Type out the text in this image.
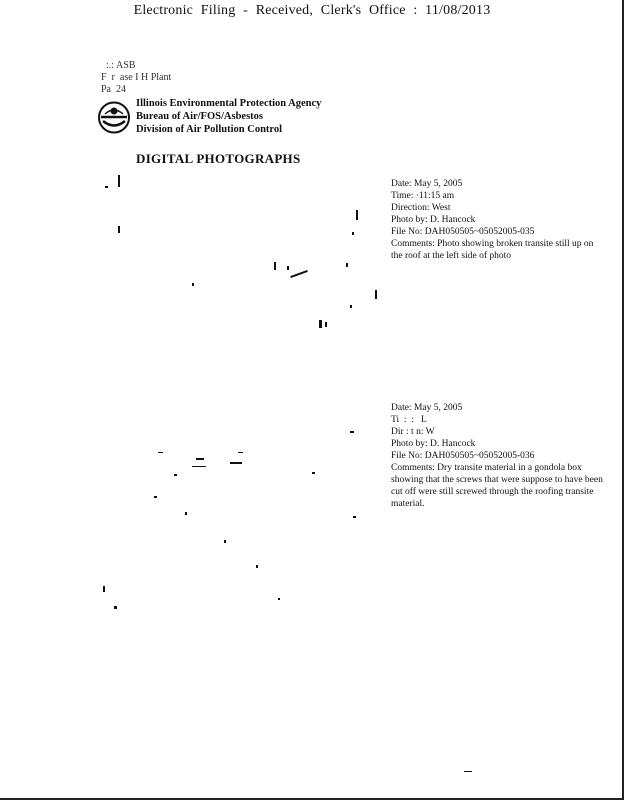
Electronic Filing - Received, Clerk's Office : 11/08/2013
:.: ASB
F  r  ase I H Plant
Pa  24
Illinois Environmental Protection Agency
Bureau of Air/FOS/Asbestos
Division of Air Pollution Control
DIGITAL PHOTOGRAPHS
Date: May 5, 2005
Time: ·11:15 am
Direction: West
Photo by: D. Hancock
File No: DAH050505~05052005-035
Comments: Photo showing broken transite still up on the roof at the left side of photo
Date: May 5, 2005
Ti  :  :   L
Dir : t n: W
Photo by: D. Hancock
File No: DAH050505~05052005-036
Comments: Dry transite material in a gondola box showing that the screws that were suppose to have been cut off were still screwed through the roofing transite material.
